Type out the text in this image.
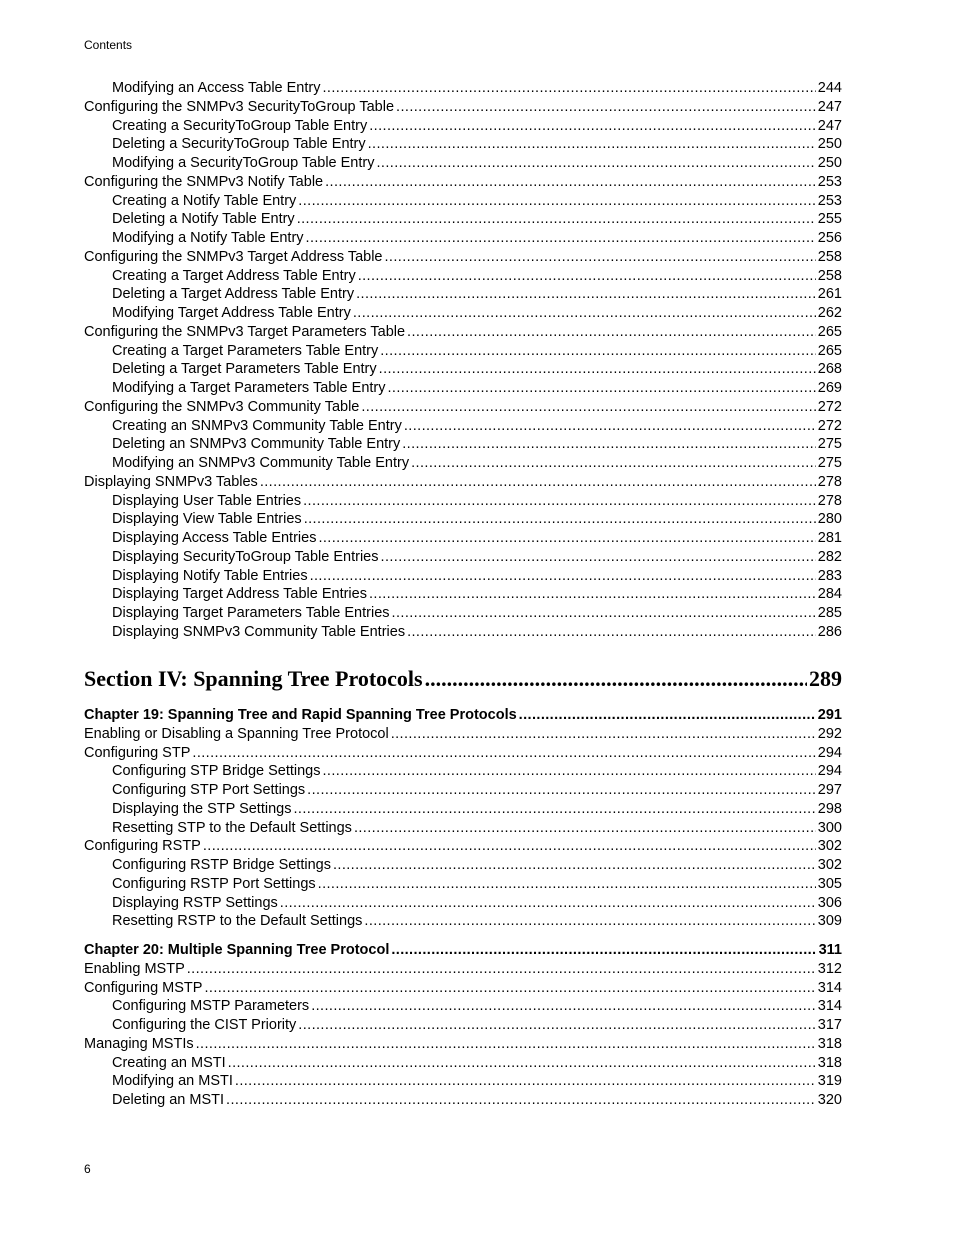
Contents
Modifying an Access Table Entry .....	244
Configuring the SNMPv3 SecurityToGroup Table .....	247
Creating a SecurityToGroup Table Entry .....	247
Deleting a SecurityToGroup Table Entry .....	250
Modifying a SecurityToGroup Table Entry .....	250
Configuring the SNMPv3 Notify Table .....	253
Creating a Notify Table Entry .....	253
Deleting a Notify Table Entry .....	255
Modifying a Notify Table Entry .....	256
Configuring the SNMPv3 Target Address Table .....	258
Creating a Target Address Table Entry .....	258
Deleting a Target Address Table Entry .....	261
Modifying Target Address Table Entry .....	262
Configuring the SNMPv3 Target Parameters Table .....	265
Creating a Target Parameters Table Entry .....	265
Deleting a Target Parameters Table Entry .....	268
Modifying a Target Parameters Table Entry .....	269
Configuring the SNMPv3 Community Table .....	272
Creating an SNMPv3 Community Table Entry .....	272
Deleting an SNMPv3 Community Table Entry .....	275
Modifying an SNMPv3 Community Table Entry .....	275
Displaying SNMPv3 Tables .....	278
Displaying User Table Entries .....	278
Displaying View Table Entries .....	280
Displaying Access Table Entries .....	281
Displaying SecurityToGroup Table Entries .....	282
Displaying Notify Table Entries .....	283
Displaying Target Address Table Entries .....	284
Displaying Target Parameters Table Entries .....	285
Displaying SNMPv3 Community Table Entries .....	286
Section IV: Spanning Tree Protocols .....	289
Chapter 19: Spanning Tree and Rapid Spanning Tree Protocols .....	291
Enabling or Disabling a Spanning Tree Protocol .....	292
Configuring STP .....	294
Configuring STP Bridge Settings .....	294
Configuring STP Port Settings .....	297
Displaying the STP Settings .....	298
Resetting STP to the Default Settings .....	300
Configuring RSTP .....	302
Configuring RSTP Bridge Settings .....	302
Configuring RSTP Port Settings .....	305
Displaying RSTP Settings .....	306
Resetting RSTP to the Default Settings .....	309
Chapter 20: Multiple Spanning Tree Protocol .....	311
Enabling MSTP .....	312
Configuring MSTP .....	314
Configuring MSTP Parameters .....	314
Configuring the CIST Priority .....	317
Managing MSTIs .....	318
Creating an MSTI .....	318
Modifying an MSTI .....	319
Deleting an MSTI .....	320
6
